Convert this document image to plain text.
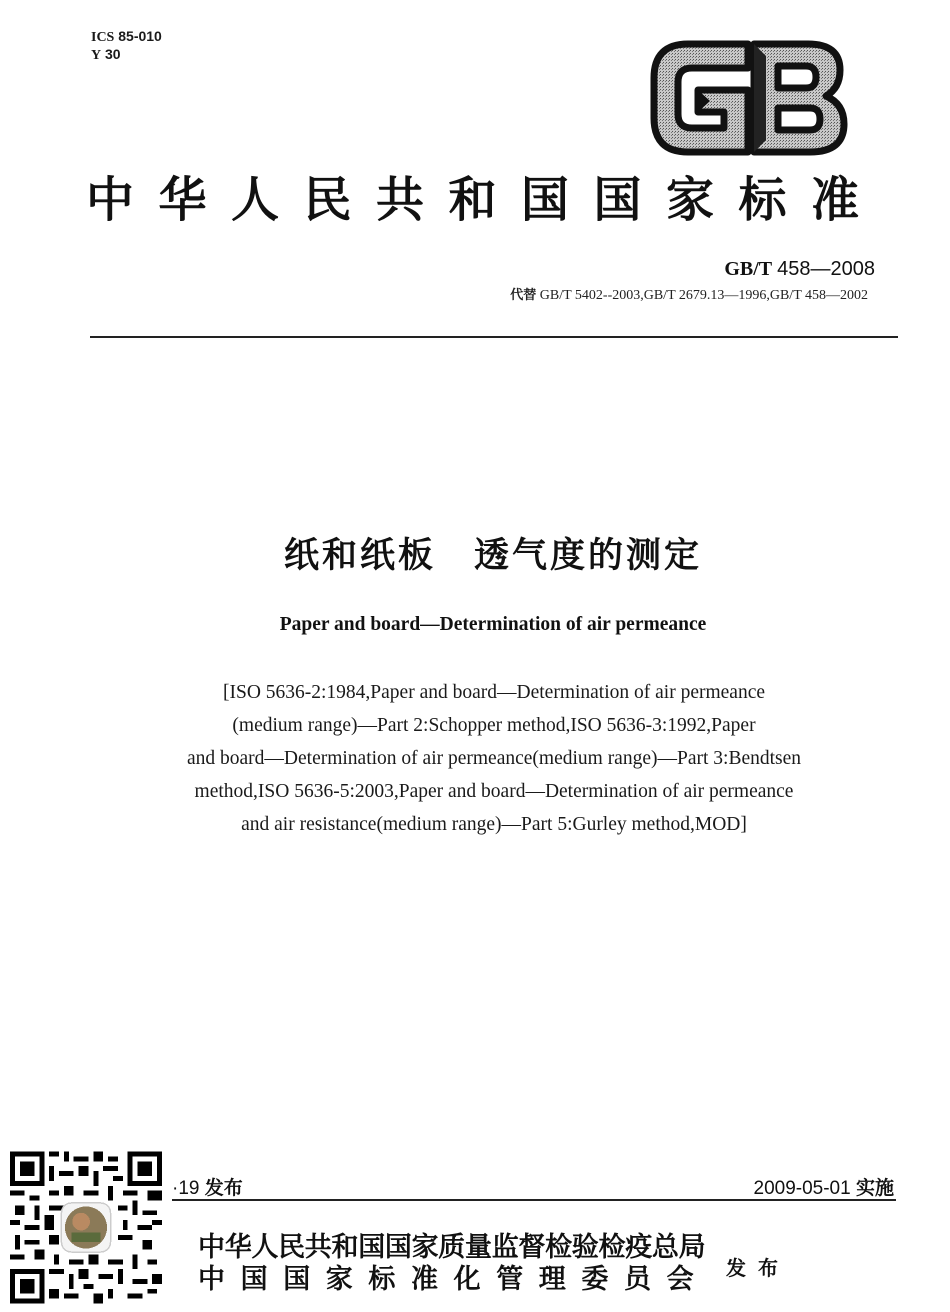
ICS 85-010
Y 30
中华人民共和国国家标准
GB/T 458—2008
代替 GB/T 5402--2003,GB/T 2679.13—1996,GB/T 458—2002
纸和纸板　透气度的测定
Paper and board—Determination of air permeance
[ISO 5636-2:1984,Paper and board—Determination of air permeance
(medium range)—Part 2:Schopper method,ISO 5636-3:1992,Paper
and board—Determination of air permeance(medium range)—Part 3:Bendtsen
method,ISO 5636-5:2003,Paper and board—Determination of air permeance
and air resistance(medium range)—Part 5:Gurley method,MOD]
·19 发布	2009-05-01 实施
中华人民共和国国家质量监督检验检疫总局
中国国家标准化管理委员会 发布
